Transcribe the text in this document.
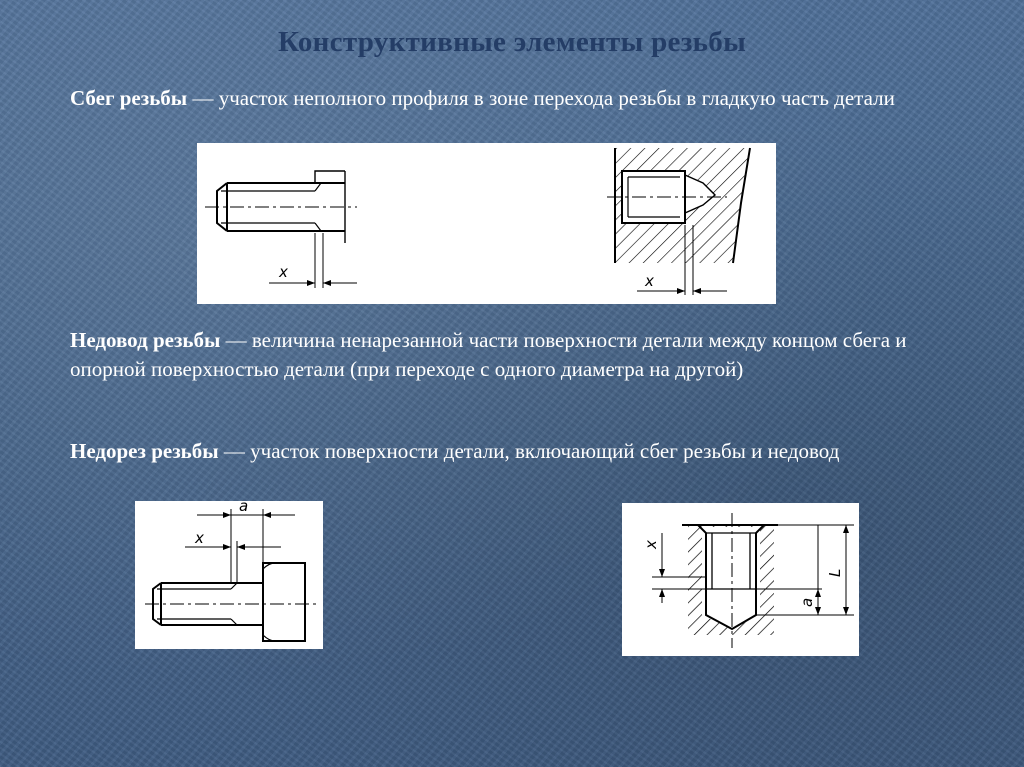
Конструктивные элементы резьбы
Сбег резьбы — участок неполного профиля в зоне перехода резьбы в гладкую часть детали
x	x
Недовод резьбы — величина ненарезанной части поверхности детали между концом сбега и опорной поверхностью детали (при переходе с одного диаметра на другой)
Недорез резьбы — участок поверхности детали, включающий сбег резьбы и недовод
a
x	x
a
L
